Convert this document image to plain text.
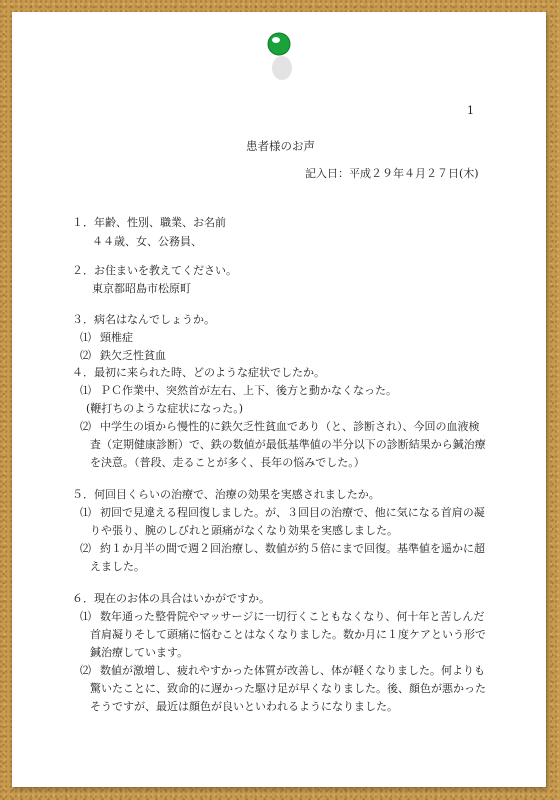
1
患者様のお声
記入日：平成２９年４月２７日(木)
１．年齢、性別、職業、お名前
４４歳、女、公務員、
２．お住まいを教えてください。
東京都昭島市松原町
３．病名はなんでしょうか。
⑴ 頸椎症
⑵ 鉄欠乏性貧血
４．最初に来られた時、どのような症状でしたか。
⑴ ＰＣ作業中、突然首が左右、上下、後方と動かなくなった。
(鞭打ちのような症状になった。)
⑵ 中学生の頃から慢性的に鉄欠乏性貧血であり（と、診断され）、今回の血液検
査（定期健康診断）で、鉄の数値が最低基準値の半分以下の診断結果から鍼治療
を決意。（普段、走ることが多く、長年の悩みでした。）
５．何回目くらいの治療で、治療の効果を実感されましたか。
⑴ 初回で見違える程回復しました。が、３回目の治療で、他に気になる首肩の凝
りや張り、腕のしびれと頭痛がなくなり効果を実感しました。
⑵ 約１か月半の間で週２回治療し、数値が約５倍にまで回復。基準値を遥かに超
えました。
６．現在のお体の具合はいかがですか。
⑴ 数年通った整骨院やマッサージに一切行くこともなくなり、何十年と苦しんだ
首肩凝りそして頭痛に悩むことはなくなりました。数か月に１度ケアという形で
鍼治療しています。
⑵ 数値が激増し、疲れやすかった体質が改善し、体が軽くなりました。何よりも
驚いたことに、致命的に遅かった駆け足が早くなりました。後、顔色が悪かった
そうですが、最近は顔色が良いといわれるようになりました。
